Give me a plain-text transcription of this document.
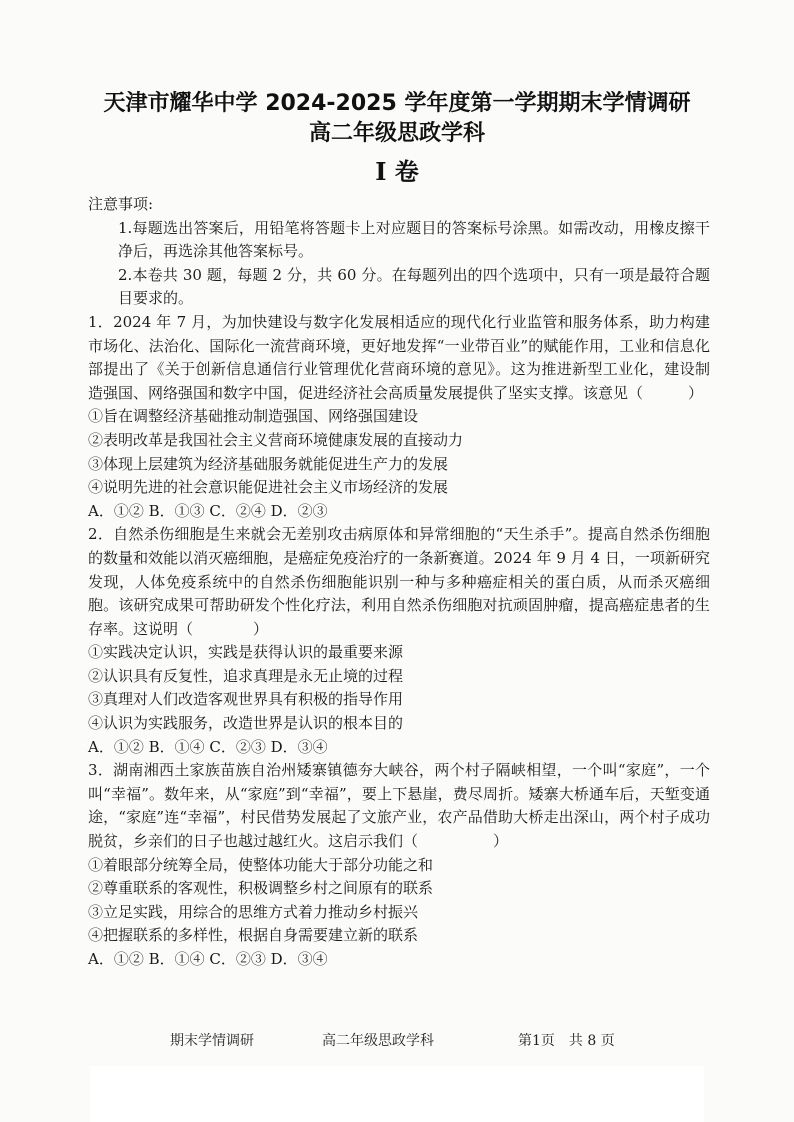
天津市耀华中学 2024-2025 学年度第一学期期末学情调研
高二年级思政学科
I 卷
注意事项:
1.每题选出答案后，用铅笔将答题卡上对应题目的答案标号涂黑。如需改动，用橡皮擦干净后，再选涂其他答案标号。
2.本卷共 30 题，每题 2 分，共 60 分。在每题列出的四个选项中，只有一项是最符合题目要求的。
1．2024 年 7 月，为加快建设与数字化发展相适应的现代化行业监管和服务体系，助力构建市场化、法治化、国际化一流营商环境，更好地发挥“一业带百业”的赋能作用，工业和信息化部提出了《关于创新信息通信行业管理优化营商环境的意见》。这为推进新型工业化，建设制造强国、网络强国和数字中国，促进经济社会高质量发展提供了坚实支撑。该意见（　　　）
①旨在调整经济基础推动制造强国、网络强国建设
②表明改革是我国社会主义营商环境健康发展的直接动力
③体现上层建筑为经济基础服务就能促进生产力的发展
④说明先进的社会意识能促进社会主义市场经济的发展
A．①② B．①③ C．②④ D．②③
2．自然杀伤细胞是生来就会无差别攻击病原体和异常细胞的“天生杀手”。提高自然杀伤细胞的数量和效能以消灭癌细胞，是癌症免疫治疗的一条新赛道。2024 年 9 月 4 日，一项新研究发现，人体免疫系统中的自然杀伤细胞能识别一种与多种癌症相关的蛋白质，从而杀灭癌细胞。该研究成果可帮助研发个性化疗法，利用自然杀伤细胞对抗顽固肿瘤，提高癌症患者的生存率。这说明（　　　　）
①实践决定认识，实践是获得认识的最重要来源
②认识具有反复性，追求真理是永无止境的过程
③真理对人们改造客观世界具有积极的指导作用
④认识为实践服务，改造世界是认识的根本目的
A．①② B．①④ C．②③ D．③④
3．湖南湘西土家族苗族自治州矮寨镇德夯大峡谷，两个村子隔峡相望，一个叫“家庭”，一个叫“幸福”。数年来，从“家庭”到“幸福”，要上下悬崖，费尽周折。矮寨大桥通车后，天堑变通途，“家庭”连“幸福”，村民借势发展起了文旅产业，农产品借助大桥走出深山，两个村子成功脱贫，乡亲们的日子也越过越红火。这启示我们（　　　　　）
①着眼部分统筹全局，使整体功能大于部分功能之和
②尊重联系的客观性，积极调整乡村之间原有的联系
③立足实践，用综合的思维方式着力推动乡村振兴
④把握联系的多样性，根据自身需要建立新的联系
A．①② B．①④ C．②③ D．③④
期末学情调研	高二年级思政学科	第1页　共 8 页
